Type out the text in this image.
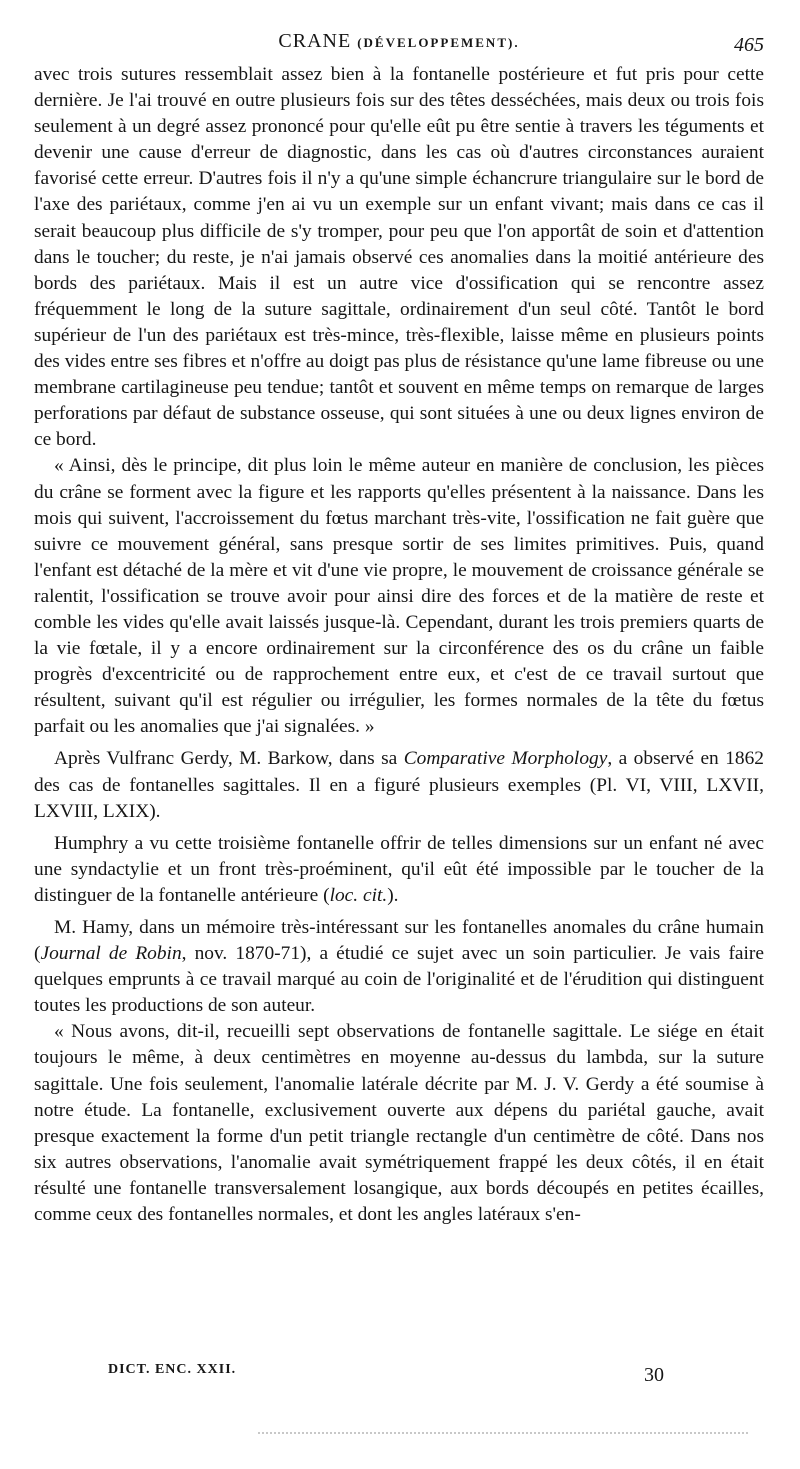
CRANE (DÉVELOPPEMENT).	465

avec trois sutures ressemblait assez bien à la fontanelle postérieure et fut pris pour cette dernière. Je l'ai trouvé en outre plusieurs fois sur des têtes desséchées, mais deux ou trois fois seulement à un degré assez prononcé pour qu'elle eût pu être sentie à travers les téguments et devenir une cause d'erreur de diagnostic, dans les cas où d'autres circonstances auraient favorisé cette erreur. D'autres fois il n'y a qu'une simple échancrure triangulaire sur le bord de l'axe des pariétaux, comme j'en ai vu un exemple sur un enfant vivant; mais dans ce cas il serait beaucoup plus difficile de s'y tromper, pour peu que l'on apportât de soin et d'attention dans le toucher; du reste, je n'ai jamais observé ces anomalies dans la moitié antérieure des bords des pariétaux. Mais il est un autre vice d'ossification qui se rencontre assez fréquemment le long de la suture sagittale, ordinairement d'un seul côté. Tantôt le bord supérieur de l'un des pariétaux est très-mince, très-flexible, laisse même en plusieurs points des vides entre ses fibres et n'offre au doigt pas plus de résistance qu'une lame fibreuse ou une membrane cartilagineuse peu tendue; tantôt et souvent en même temps on remarque de larges perforations par défaut de substance osseuse, qui sont situées à une ou deux lignes environ de ce bord.

« Ainsi, dès le principe, dit plus loin le même auteur en manière de conclusion, les pièces du crâne se forment avec la figure et les rapports qu'elles présentent à la naissance. Dans les mois qui suivent, l'accroissement du fœtus marchant très-vite, l'ossification ne fait guère que suivre ce mouvement général, sans presque sortir de ses limites primitives. Puis, quand l'enfant est détaché de la mère et vit d'une vie propre, le mouvement de croissance générale se ralentit, l'ossification se trouve avoir pour ainsi dire des forces et de la matière de reste et comble les vides qu'elle avait laissés jusque-là. Cependant, durant les trois premiers quarts de la vie fœtale, il y a encore ordinairement sur la circonférence des os du crâne un faible progrès d'excentricité ou de rapprochement entre eux, et c'est de ce travail surtout que résultent, suivant qu'il est régulier ou irrégulier, les formes normales de la tête du fœtus parfait ou les anomalies que j'ai signalées. »

Après Vulfranc Gerdy, M. Barkow, dans sa Comparative Morphology, a observé en 1862 des cas de fontanelles sagittales. Il en a figuré plusieurs exemples (Pl. VI, VIII, LXVII, LXVIII, LXIX).

Humphry a vu cette troisième fontanelle offrir de telles dimensions sur un enfant né avec une syndactylie et un front très-proéminent, qu'il eût été impossible par le toucher de la distinguer de la fontanelle antérieure (loc. cit.).

M. Hamy, dans un mémoire très-intéressant sur les fontanelles anomales du crâne humain (Journal de Robin, nov. 1870-71), a étudié ce sujet avec un soin particulier. Je vais faire quelques emprunts à ce travail marqué au coin de l'originalité et de l'érudition qui distinguent toutes les productions de son auteur.

« Nous avons, dit-il, recueilli sept observations de fontanelle sagittale. Le siége en était toujours le même, à deux centimètres en moyenne au-dessus du lambda, sur la suture sagittale. Une fois seulement, l'anomalie latérale décrite par M. J. V. Gerdy a été soumise à notre étude. La fontanelle, exclusivement ouverte aux dépens du pariétal gauche, avait presque exactement la forme d'un petit triangle rectangle d'un centimètre de côté. Dans nos six autres observations, l'anomalie avait symétriquement frappé les deux côtés, il en était résulté une fontanelle transversalement losangique, aux bords découpés en petites écailles, comme ceux des fontanelles normales, et dont les angles latéraux s'en-

DICT. ENC. XXII.	30
